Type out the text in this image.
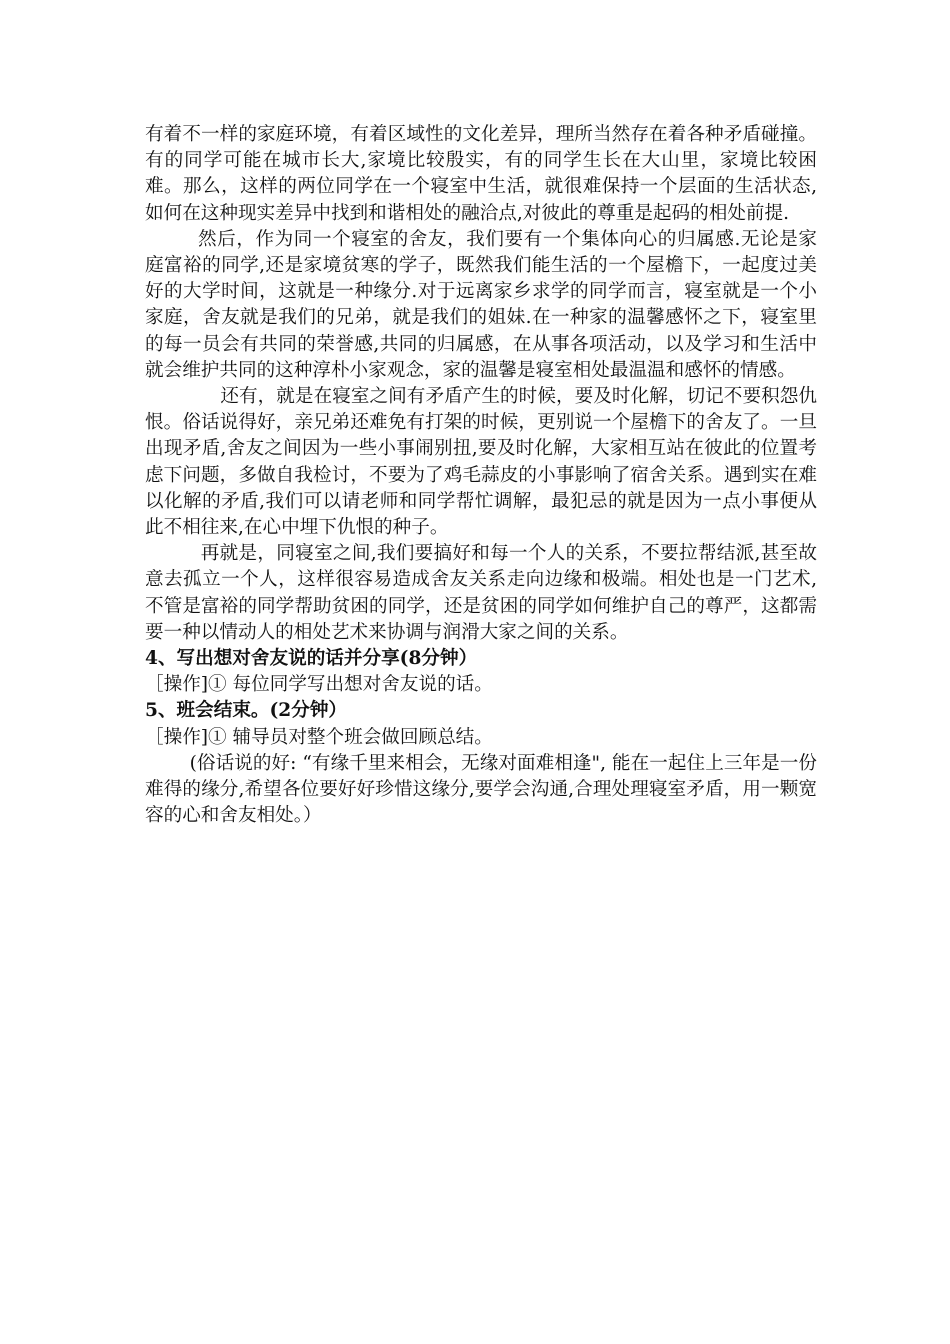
有着不一样的家庭环境，有着区域性的文化差异，理所当然存在着各种矛盾碰撞。有的同学可能在城市长大,家境比较殷实，有的同学生长在大山里，家境比较困难。那么，这样的两位同学在一个寝室中生活，就很难保持一个层面的生活状态,如何在这种现实差异中找到和谐相处的融洽点,对彼此的尊重是起码的相处前提.

然后，作为同一个寝室的舍友，我们要有一个集体向心的归属感.无论是家庭富裕的同学,还是家境贫寒的学子，既然我们能生活的一个屋檐下，一起度过美好的大学时间，这就是一种缘分.对于远离家乡求学的同学而言，寝室就是一个小家庭，舍友就是我们的兄弟，就是我们的姐妹.在一种家的温馨感怀之下，寝室里的每一员会有共同的荣誉感,共同的归属感，在从事各项活动，以及学习和生活中就会维护共同的这种淳朴小家观念，家的温馨是寝室相处最温温和感怀的情感。

还有，就是在寝室之间有矛盾产生的时候，要及时化解，切记不要积怨仇恨。俗话说得好，亲兄弟还难免有打架的时候，更别说一个屋檐下的舍友了。一旦出现矛盾,舍友之间因为一些小事闹别扭,要及时化解，大家相互站在彼此的位置考虑下问题，多做自我检讨，不要为了鸡毛蒜皮的小事影响了宿舍关系。遇到实在难以化解的矛盾,我们可以请老师和同学帮忙调解，最犯忌的就是因为一点小事便从此不相往来,在心中埋下仇恨的种子。

再就是，同寝室之间,我们要搞好和每一个人的关系，不要拉帮结派,甚至故意去孤立一个人，这样很容易造成舍友关系走向边缘和极端。相处也是一门艺术,不管是富裕的同学帮助贫困的同学，还是贫困的同学如何维护自己的尊严，这都需要一种以情动人的相处艺术来协调与润滑大家之间的关系。

4、写出想对舍友说的话并分享(8分钟）

［操作]① 每位同学写出想对舍友说的话。

5、班会结束。(2分钟）

［操作]① 辅导员对整个班会做回顾总结。

(俗话说的好: “有缘千里来相会，无缘对面难相逢", 能在一起住上三年是一份难得的缘分,希望各位要好好珍惜这缘分,要学会沟通,合理处理寝室矛盾，用一颗宽容的心和舍友相处。）
